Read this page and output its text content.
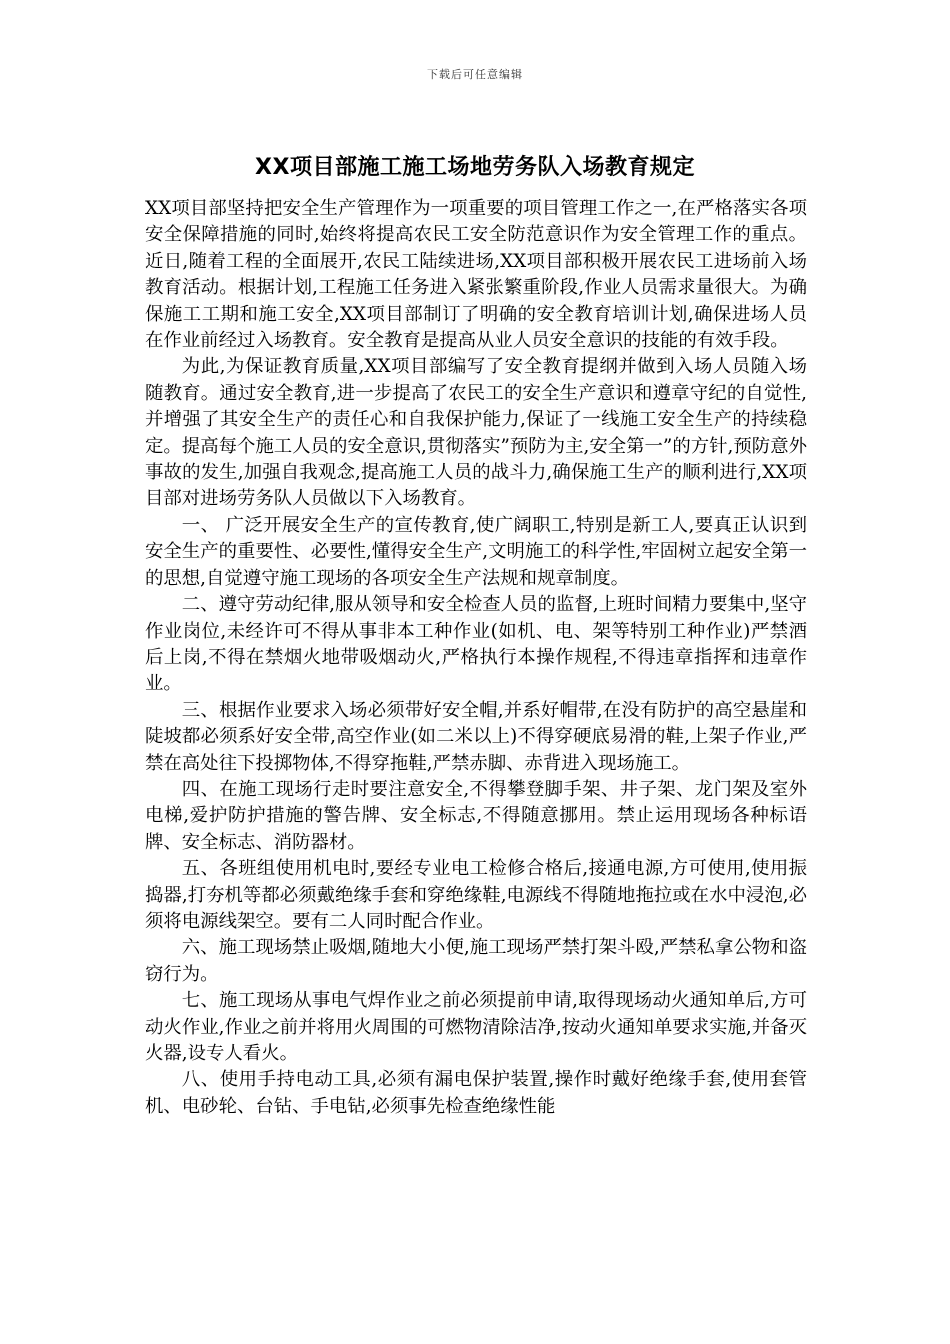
下载后可任意编辑
XX项目部施工施工场地劳务队入场教育规定

XX项目部坚持把安全生产管理作为一项重要的项目管理工作之一,在严格落实各项安全保障措施的同时,始终将提高农民工安全防范意识作为安全管理工作的重点。近日,随着工程的全面展开,农民工陆续进场,XX项目部积极开展农民工进场前入场教育活动。根据计划,工程施工任务进入紧张繁重阶段,作业人员需求量很大。为确保施工工期和施工安全,XX项目部制订了明确的安全教育培训计划,确保进场人员在作业前经过入场教育。安全教育是提高从业人员安全意识的技能的有效手段。

为此,为保证教育质量,XX项目部编写了安全教育提纲并做到入场人员随入场随教育。通过安全教育,进一步提高了农民工的安全生产意识和遵章守纪的自觉性,并增强了其安全生产的责任心和自我保护能力,保证了一线施工安全生产的持续稳定。提高每个施工人员的安全意识,贯彻落实”预防为主,安全第一”的方针,预防意外事故的发生,加强自我观念,提高施工人员的战斗力,确保施工生产的顺利进行,XX项目部对进场劳务队人员做以下入场教育。

一、 广泛开展安全生产的宣传教育,使广阔职工,特别是新工人,要真正认识到安全生产的重要性、必要性,懂得安全生产,文明施工的科学性,牢固树立起安全第一的思想,自觉遵守施工现场的各项安全生产法规和规章制度。

二、遵守劳动纪律,服从领导和安全检查人员的监督,上班时间精力要集中,坚守作业岗位,未经许可不得从事非本工种作业(如机、电、架等特别工种作业)严禁酒后上岗,不得在禁烟火地带吸烟动火,严格执行本操作规程,不得违章指挥和违章作业。

三、根据作业要求入场必须带好安全帽,并系好帽带,在没有防护的高空悬崖和陡坡都必须系好安全带,高空作业(如二米以上)不得穿硬底易滑的鞋,上架子作业,严禁在高处往下投掷物体,不得穿拖鞋,严禁赤脚、赤背进入现场施工。

四、在施工现场行走时要注意安全,不得攀登脚手架、井子架、龙门架及室外电梯,爱护防护措施的警告牌、安全标志,不得随意挪用。禁止运用现场各种标语牌、安全标志、消防器材。

五、各班组使用机电时,要经专业电工检修合格后,接通电源,方可使用,使用振捣器,打夯机等都必须戴绝缘手套和穿绝缘鞋,电源线不得随地拖拉或在水中浸泡,必须将电源线架空。要有二人同时配合作业。

六、施工现场禁止吸烟,随地大小便,施工现场严禁打架斗殴,严禁私拿公物和盗窃行为。

七、施工现场从事电气焊作业之前必须提前申请,取得现场动火通知单后,方可动火作业,作业之前并将用火周围的可燃物清除洁净,按动火通知单要求实施,并备灭火器,设专人看火。

八、使用手持电动工具,必须有漏电保护装置,操作时戴好绝缘手套,使用套管机、电砂轮、台钻、手电钻,必须事先检查绝缘性能
